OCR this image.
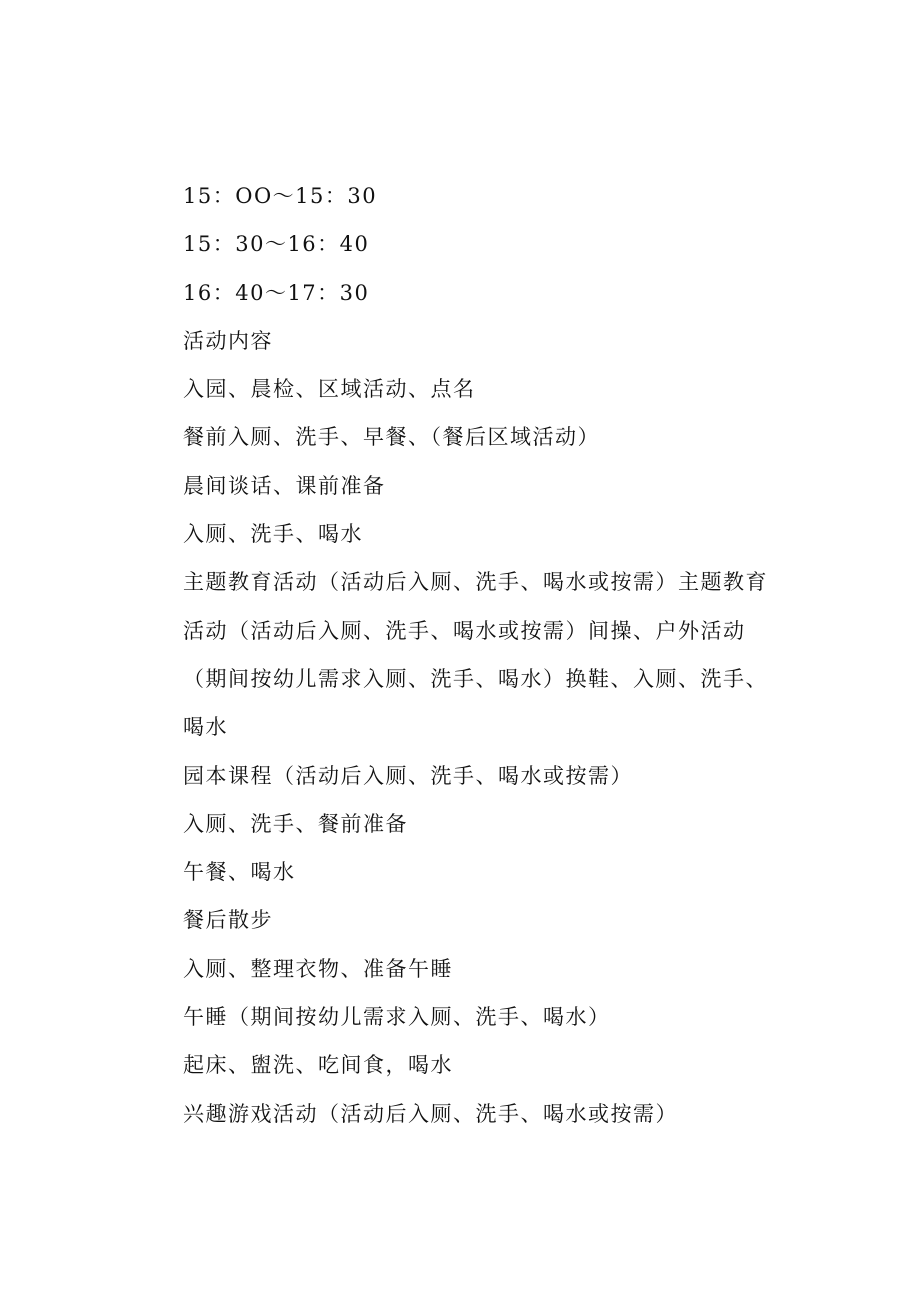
15：OO～15：30
15：30～16：40
16：40～17：30
活动内容
入园、晨检、区域活动、点名
餐前入厕、洗手、早餐、（餐后区域活动）
晨间谈话、课前准备
入厕、洗手、喝水
主题教育活动（活动后入厕、洗手、喝水或按需）主题教育
活动（活动后入厕、洗手、喝水或按需）间操、户外活动
（期间按幼儿需求入厕、洗手、喝水）换鞋、入厕、洗手、
喝水
园本课程（活动后入厕、洗手、喝水或按需）
入厕、洗手、餐前准备
午餐、喝水
餐后散步
入厕、整理衣物、准备午睡
午睡（期间按幼儿需求入厕、洗手、喝水）
起床、盥洗、吃间食，喝水
兴趣游戏活动（活动后入厕、洗手、喝水或按需）
